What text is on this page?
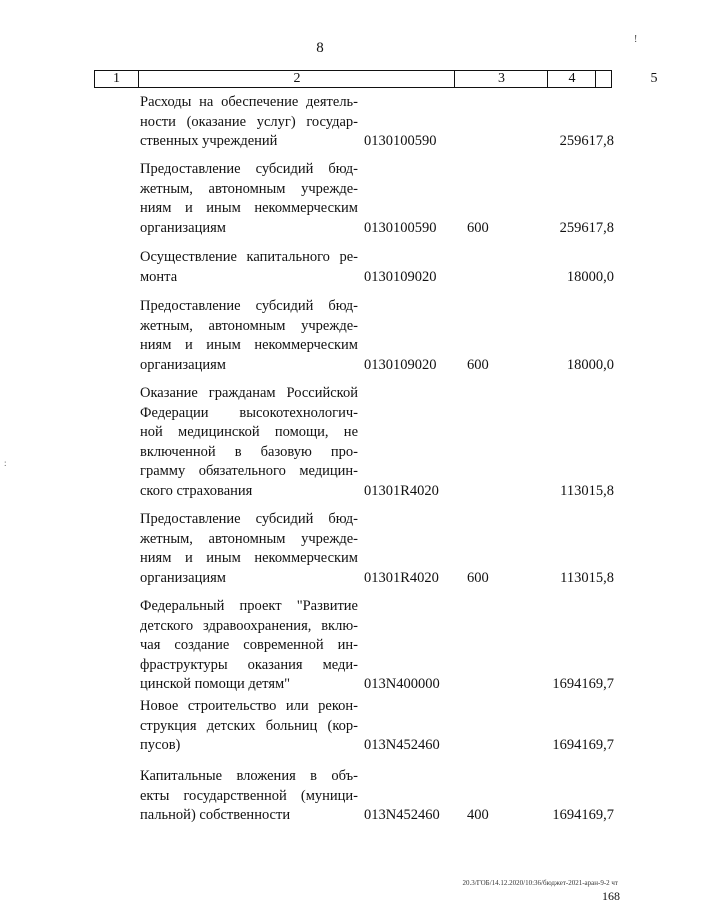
8
!
:
1	2	3	4	5
Расходы на обеспечение деятель-
ности (оказание услуг) государ-
ственных учреждений	0130100590	259617,8
Предоставление субсидий бюд-
жетным, автономным учрежде-
ниям и иным некоммерческим
организациям	0130100590 600	259617,8
Осуществление капитального ре-
монта	0130109020	18000,0
Предоставление субсидий бюд-
жетным, автономным учрежде-
ниям и иным некоммерческим
организациям	0130109020 600	18000,0
Оказание гражданам Российской
Федерации высокотехнологич-
ной медицинской помощи, не
включенной в базовую про-
грамму обязательного медицин-
ского страхования	01301R4020	113015,8
Предоставление субсидий бюд-
жетным, автономным учрежде-
ниям и иным некоммерческим
организациям	01301R4020 600	113015,8
Федеральный проект "Развитие
детского здравоохранения, вклю-
чая создание современной ин-
фраструктуры оказания меди-
цинской помощи детям"	013N400000	1694169,7
Новое строительство или рекон-
струкция детских больниц (кор-
пусов)	013N452460	1694169,7
Капитальные вложения в объ-
екты государственной (муници-
пальной) собственности	013N452460 400	1694169,7
20.3/ГОБ/14.12.2020/10:36/бюджет-2021-аран-9-2 чт
168
